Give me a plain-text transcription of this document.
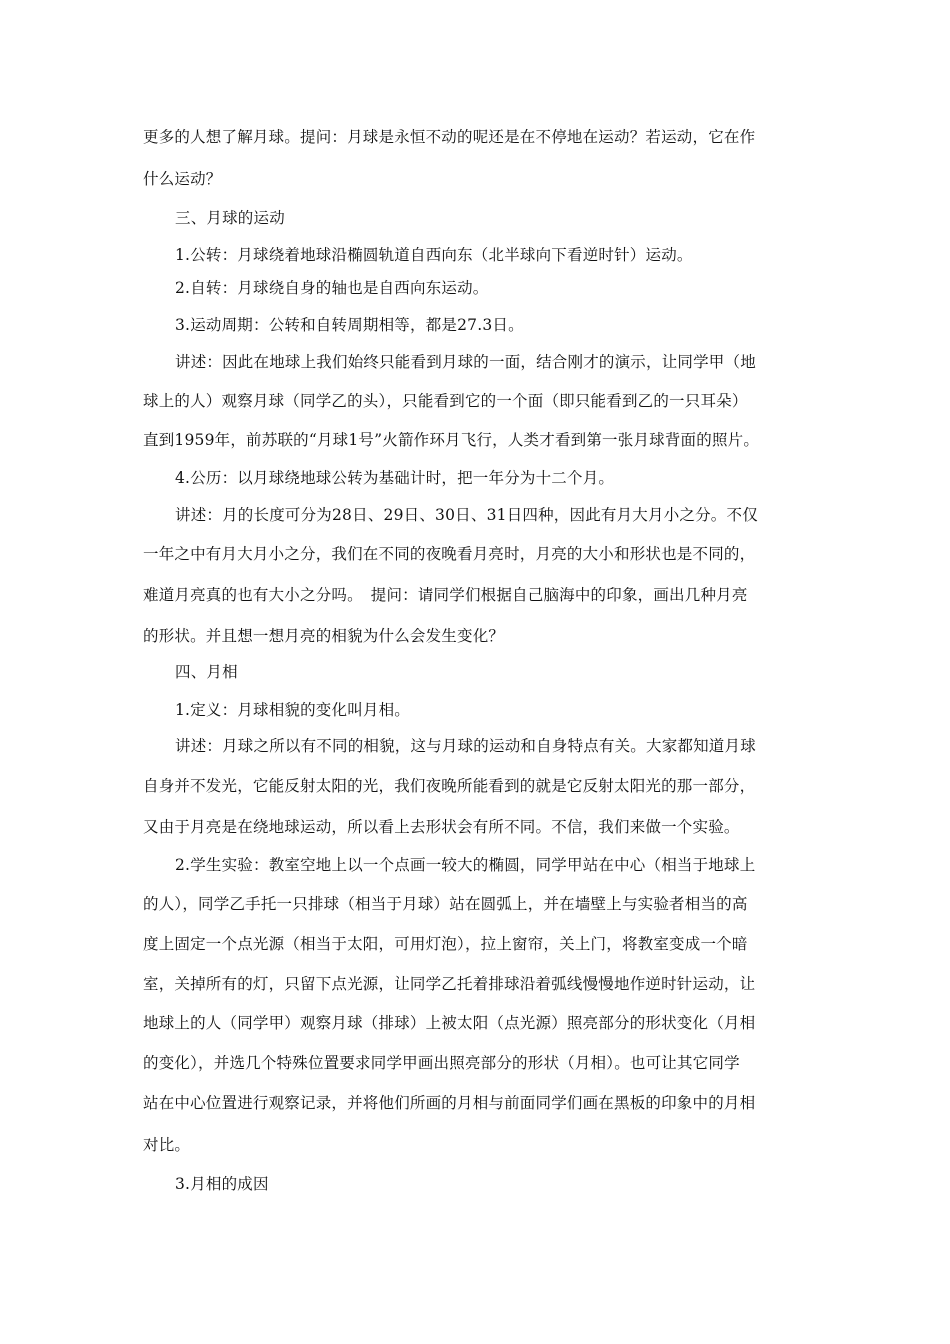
更多的人想了解月球。提问：月球是永恒不动的呢还是在不停地在运动？若运动，它在作
什么运动？
三、月球的运动
1.公转：月球绕着地球沿椭圆轨道自西向东（北半球向下看逆时针）运动。
2.自转：月球绕自身的轴也是自西向东运动。
3.运动周期：公转和自转周期相等，都是27.3日。
讲述：因此在地球上我们始终只能看到月球的一面，结合刚才的演示，让同学甲（地
球上的人）观察月球（同学乙的头），只能看到它的一个面（即只能看到乙的一只耳朵）
直到1959年，前苏联的“月球1号”火箭作环月飞行，人类才看到第一张月球背面的照片。
4.公历：以月球绕地球公转为基础计时，把一年分为十二个月。
讲述：月的长度可分为28日、29日、30日、31日四种，因此有月大月小之分。不仅
一年之中有月大月小之分，我们在不同的夜晚看月亮时，月亮的大小和形状也是不同的，
难道月亮真的也有大小之分吗。　提问：请同学们根据自己脑海中的印象，画出几种月亮
的形状。并且想一想月亮的相貌为什么会发生变化？
四、月相
1.定义：月球相貌的变化叫月相。
讲述：月球之所以有不同的相貌，这与月球的运动和自身特点有关。大家都知道月球
自身并不发光，它能反射太阳的光，我们夜晚所能看到的就是它反射太阳光的那一部分，
又由于月亮是在绕地球运动，所以看上去形状会有所不同。不信，我们来做一个实验。
2.学生实验：教室空地上以一个点画一较大的椭圆，同学甲站在中心（相当于地球上
的人），同学乙手托一只排球（相当于月球）站在圆弧上，并在墙壁上与实验者相当的高
度上固定一个点光源（相当于太阳，可用灯泡），拉上窗帘，关上门，将教室变成一个暗
室，关掉所有的灯，只留下点光源，让同学乙托着排球沿着弧线慢慢地作逆时针运动，让
地球上的人（同学甲）观察月球（排球）上被太阳（点光源）照亮部分的形状变化（月相
的变化），并选几个特殊位置要求同学甲画出照亮部分的形状（月相）。也可让其它同学
站在中心位置进行观察记录，并将他们所画的月相与前面同学们画在黑板的印象中的月相
对比。
3.月相的成因
